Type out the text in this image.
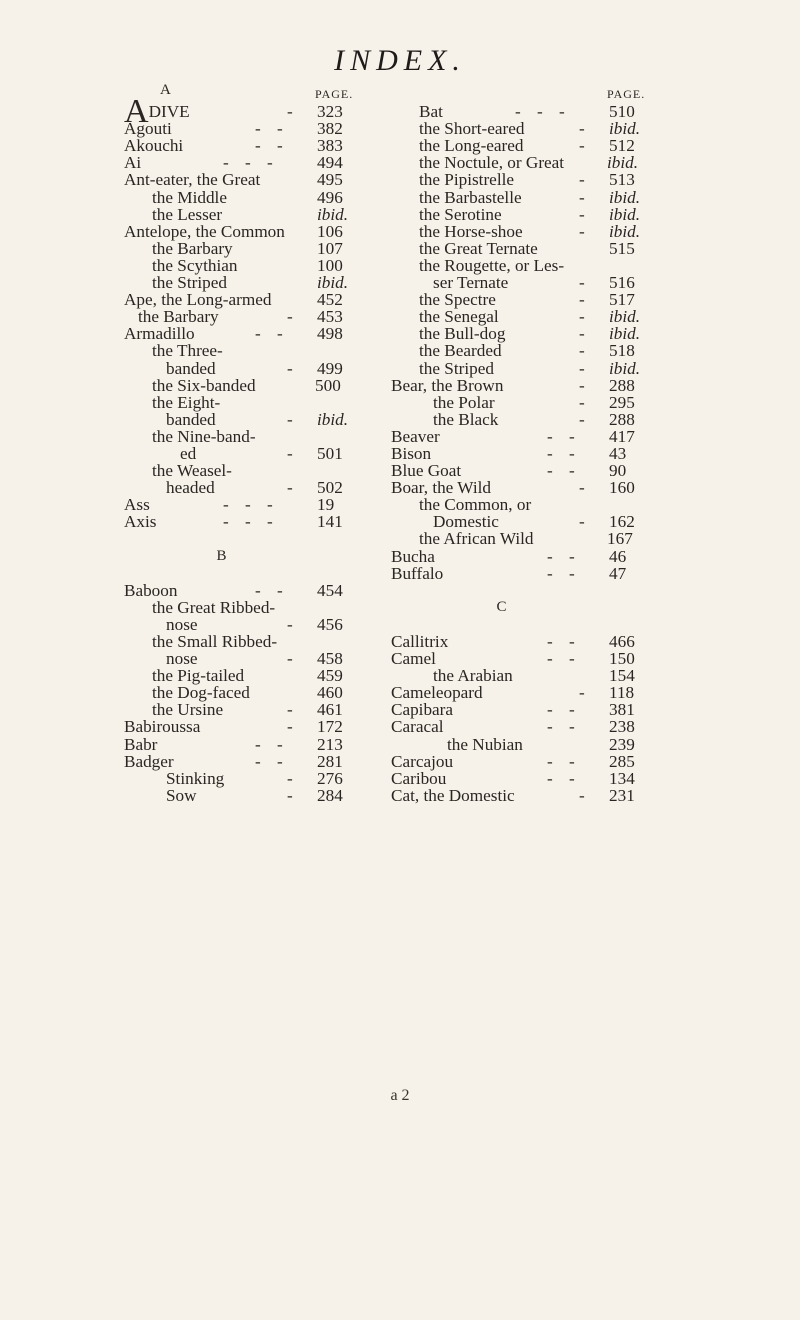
INDEX.
A	PAGE.
ADIVE	- 323
Agouti	- - 382
Akouchi	- - 383
Ai	- - - 494
Ant-eater, the Great	495
the Middle	496
the Lesser	ibid.
Antelope, the Common 106
the Barbary	107
the Scythian	100
the Striped	ibid.
Ape, the Long-armed	452
the Barbary	- 453
Armadillo	- - 498
the Three-
banded	- 499
the Six-banded	500
the Eight-
banded	- ibid.
the Nine-band-
ed	- 501
the Weasel-
headed	- 502
Ass	- - - 19
Axis	- - - 141
B
Baboon	- - 454
the Great Ribbed-
nose	- 456
the Small Ribbed-
nose	- 458
the Pig-tailed	459
the Dog-faced	460
the Ursine	- 461
Babiroussa	- 172
Babr	- - 213
Badger	- - 281
Stinking	- 276
Sow	- 284
PAGE.
Bat	- - - 510
the Short-eared	- ibid.
the Long-eared	- 512
the Noctule, or Great ibid.
the Pipistrelle	- 513
the Barbastelle	- ibid.
the Serotine	- ibid.
the Horse-shoe	- ibid.
the Great Ternate	515
the Rougette, or Les-
ser Ternate	- 516
the Spectre	- 517
the Senegal	- ibid.
the Bull-dog	- ibid.
the Bearded	- 518
the Striped	- ibid.
Bear, the Brown	- 288
the Polar	- 295
the Black	- 288
Beaver	- - 417
Bison	- - 43
Blue Goat	- - 90
Boar, the Wild	- 160
the Common, or
Domestic	- 162
the African Wild	167
Bucha	- - 46
Buffalo	- - 47
C
Callitrix	- - 466
Camel	- - 150
the Arabian	154
Cameleopard	- 118
Capibara	- - 381
Caracal	- - 238
the Nubian	239
Carcajou	- - 285
Caribou	- - 134
Cat, the Domestic	- 231
a 2
